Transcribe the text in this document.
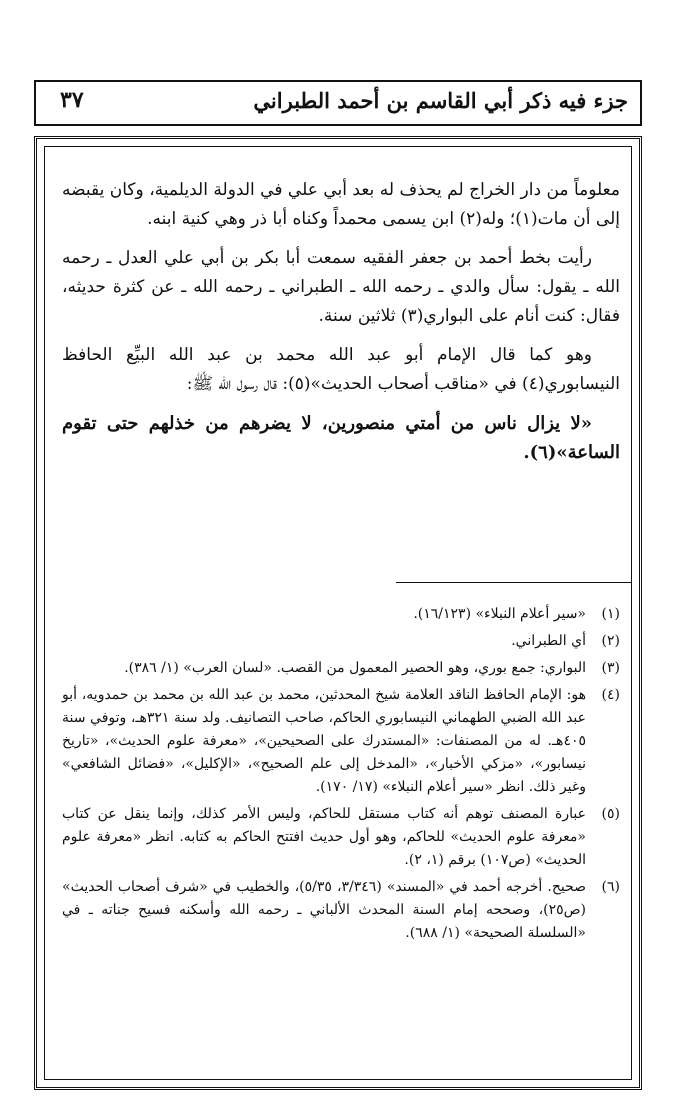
جزء فيه ذكر أبي القاسم بن أحمد الطبراني
٣٧

معلوماً من دار الخراج لم يحذف له بعد أبي علي في الدولة الديلمية، وكان يقبضه إلى أن مات(١)؛ وله(٢) ابن يسمى محمداً وكناه أبا ذر وهي كنية ابنه.

رأيت بخط أحمد بن جعفر الفقيه سمعت أبا بكر بن أبي علي العدل ـ رحمه الله ـ يقول: سأل والدي ـ رحمه الله ـ الطبراني ـ رحمه الله ـ عن كثرة حديثه، فقال: كنت أنام على البواري(٣) ثلاثين سنة.

وهو كما قال الإمام أبو عبد الله محمد بن عبد الله البيِّع الحافظ النيسابوري(٤) في «مناقب أصحاب الحديث»(٥): قال رسول الله ﷺ:

«لا يزال ناس من أمتي منصورين، لا يضرهم من خذلهم حتى تقوم الساعة»(٦).

(١)
«سير أعلام النبلاء» (١٦/١٢٣).
(٢)
أي الطبراني.
(٣)
البواري: جمع بوري، وهو الحصير المعمول من القصب. «لسان العرب» (١/ ٣٨٦).
(٤)
هو: الإمام الحافظ الناقد العلامة شيخ المحدثين، محمد بن عبد الله بن محمد بن حمدويه، أبو عبد الله الضبي الطهماني النيسابوري الحاكم، صاحب التصانيف. ولد سنة ٣٢١هـ، وتوفي سنة ٤٠٥هـ. له من المصنفات: «المستدرك على الصحيحين»، «معرفة علوم الحديث»، «تاريخ نيسابور»، «مزكي الأخبار»، «المدخل إلى علم الصحيح»، «الإكليل»، «فضائل الشافعي» وغير ذلك. انظر «سير أعلام النبلاء» (١٧/ ١٧٠).
(٥)
عبارة المصنف توهم أنه كتاب مستقل للحاكم، وليس الأمر كذلك، وإنما ينقل عن كتاب «معرفة علوم الحديث» للحاكم، وهو أول حديث افتتح الحاكم به كتابه. انظر «معرفة علوم الحديث» (ص١٠٧) برقم (١، ٢).
(٦)
صحيح. أخرجه أحمد في «المسند» (٣/٣٤٦، ٥/٣٥)، والخطيب في «شرف أصحاب الحديث» (ص٢٥)، وصححه إمام السنة المحدث الألباني ـ رحمه الله وأسكنه فسيح جناته ـ في «السلسلة الصحيحة» (١/ ٦٨٨).
